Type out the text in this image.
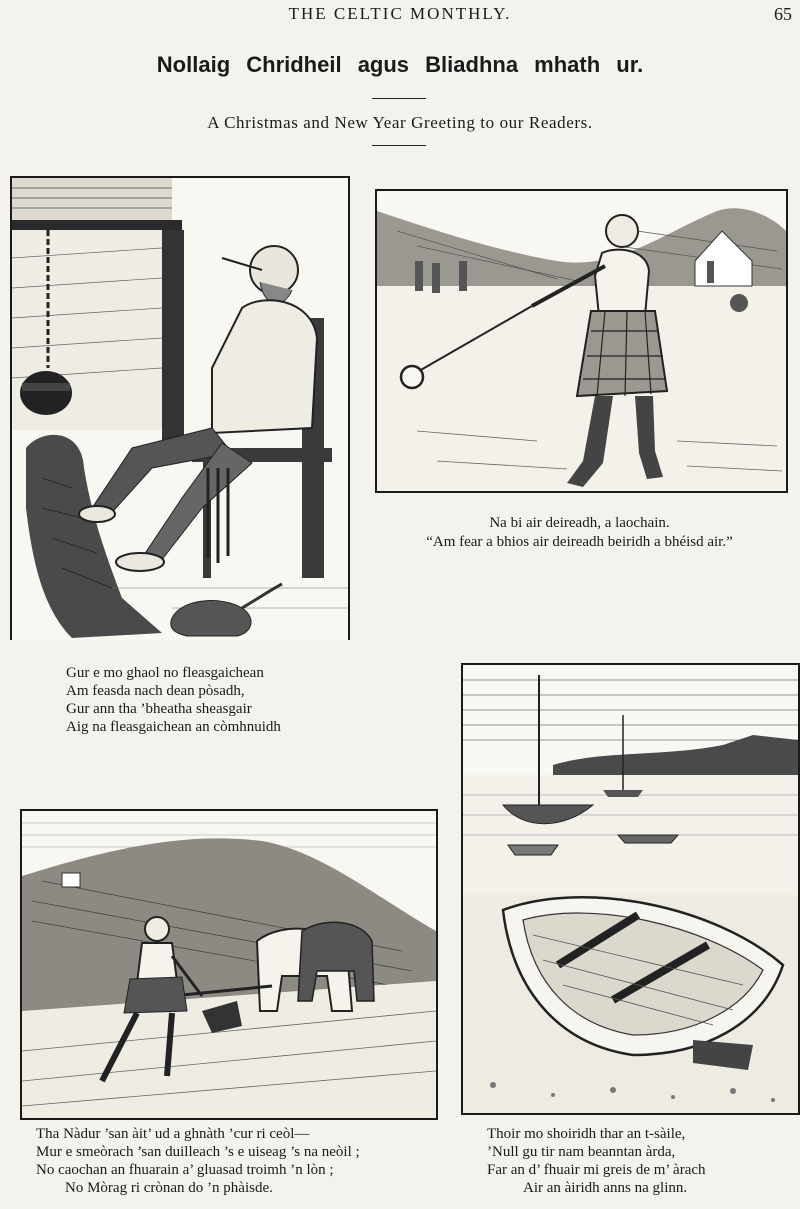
THE CELTIC MONTHLY.	65
Nollaig Chridheil agus Bliadhna mhath ur.
A Christmas and New Year Greeting to our Readers.
Na bi air deireadh, a laochain.
“Am fear a bhios air deireadh beiridh a bhéisd air.”
Gur e mo ghaol no fleasgaichean
Am feasda nach dean pòsadh,
Gur ann tha ’bheatha sheasgair
Aig na fleasgaichean an còmhnuidh
Tha Nàdur ’san àit’ ud a ghnàth ’cur ri ceòl—
Mur e smeòrach ’san duilleach ’s e uiseag ’s na neòil ;
No caochan an fhuarain a’ gluasad troimh ’n lòn ;
No Mòrag ri crònan do ’n phàisde.
Thoir mo shoiridh thar an t-sàile,
’Null gu tir nam beanntan àrda,
Far an d’ fhuair mi greis de m’ àrach
Air an àiridh anns na glinn.
